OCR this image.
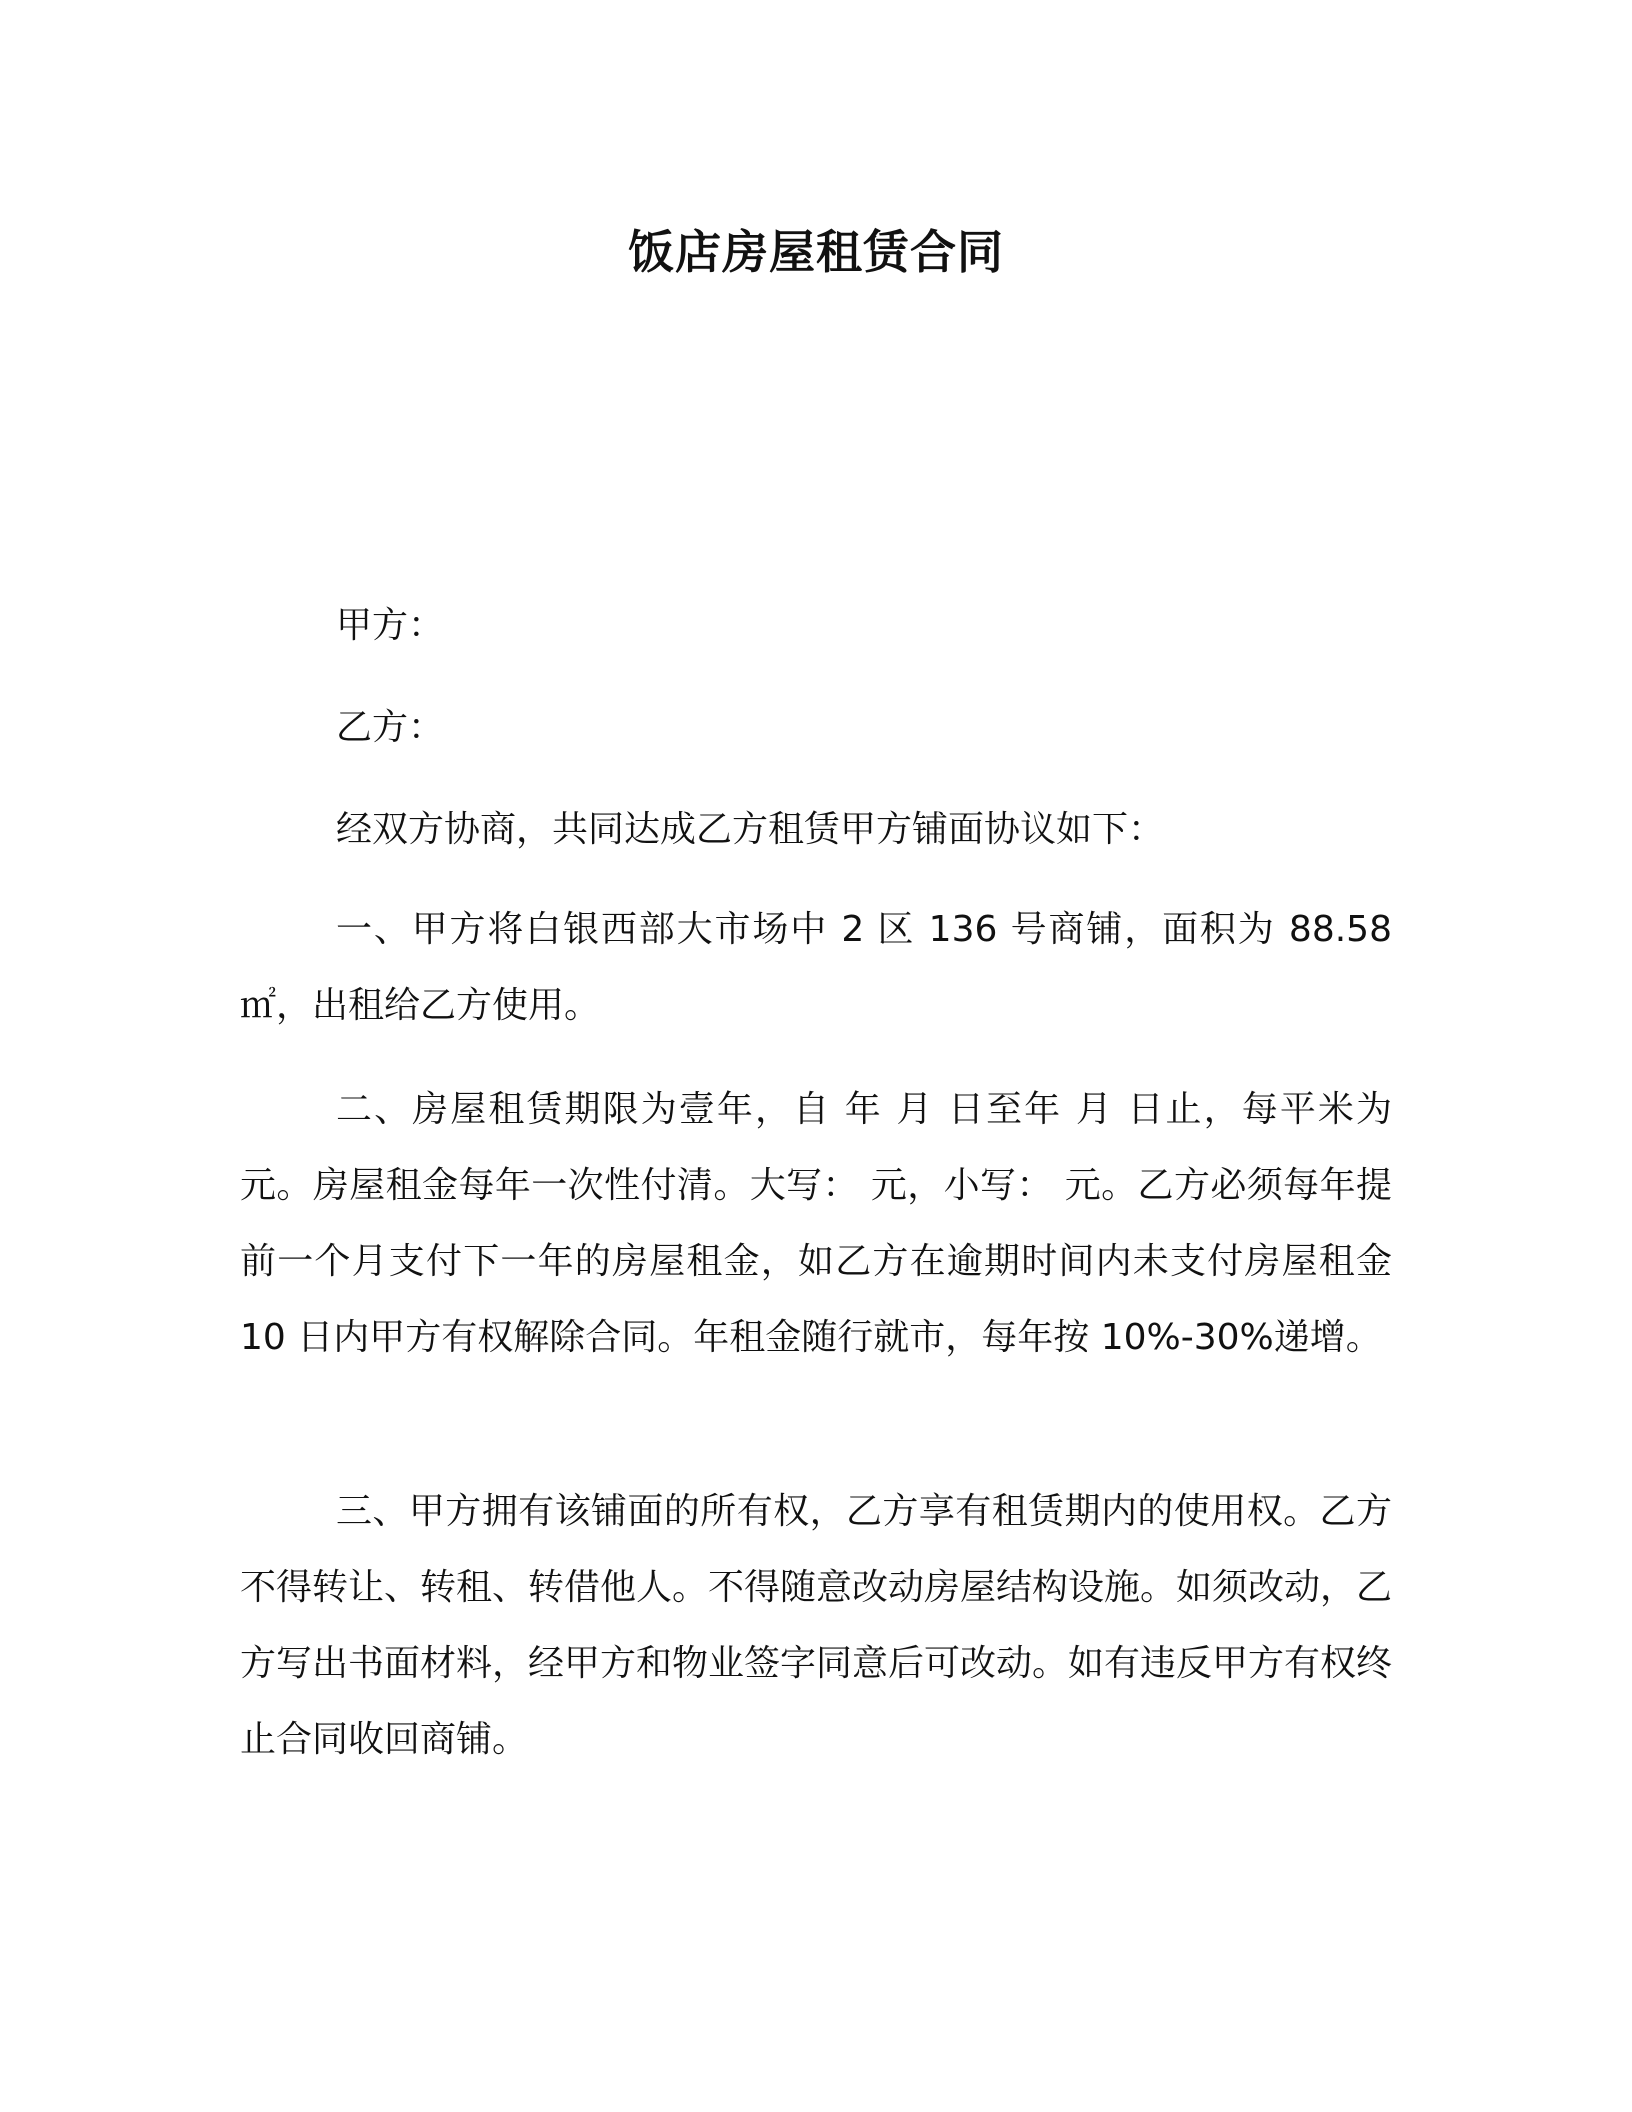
饭店房屋租赁合同
甲方：
乙方：
经双方协商，共同达成乙方租赁甲方铺面协议如下：
一、甲方将白银西部大市场中 2 区 136 号商铺，面积为 88.58 ㎡，出租给乙方使用。
二、房屋租赁期限为壹年，自 年 月 日至年 月 日止，每平米为 元。房屋租金每年一次性付清。大写： 元，小写： 元。乙方必须每年提前一个月支付下一年的房屋租金，如乙方在逾期时间内未支付房屋租金 10 日内甲方有权解除合同。年租金随行就市，每年按 10%-30%递增。
三、甲方拥有该铺面的所有权，乙方享有租赁期内的使用权。乙方不得转让、转租、转借他人。不得随意改动房屋结构设施。如须改动，乙方写出书面材料，经甲方和物业签字同意后可改动。如有违反甲方有权终止合同收回商铺。
